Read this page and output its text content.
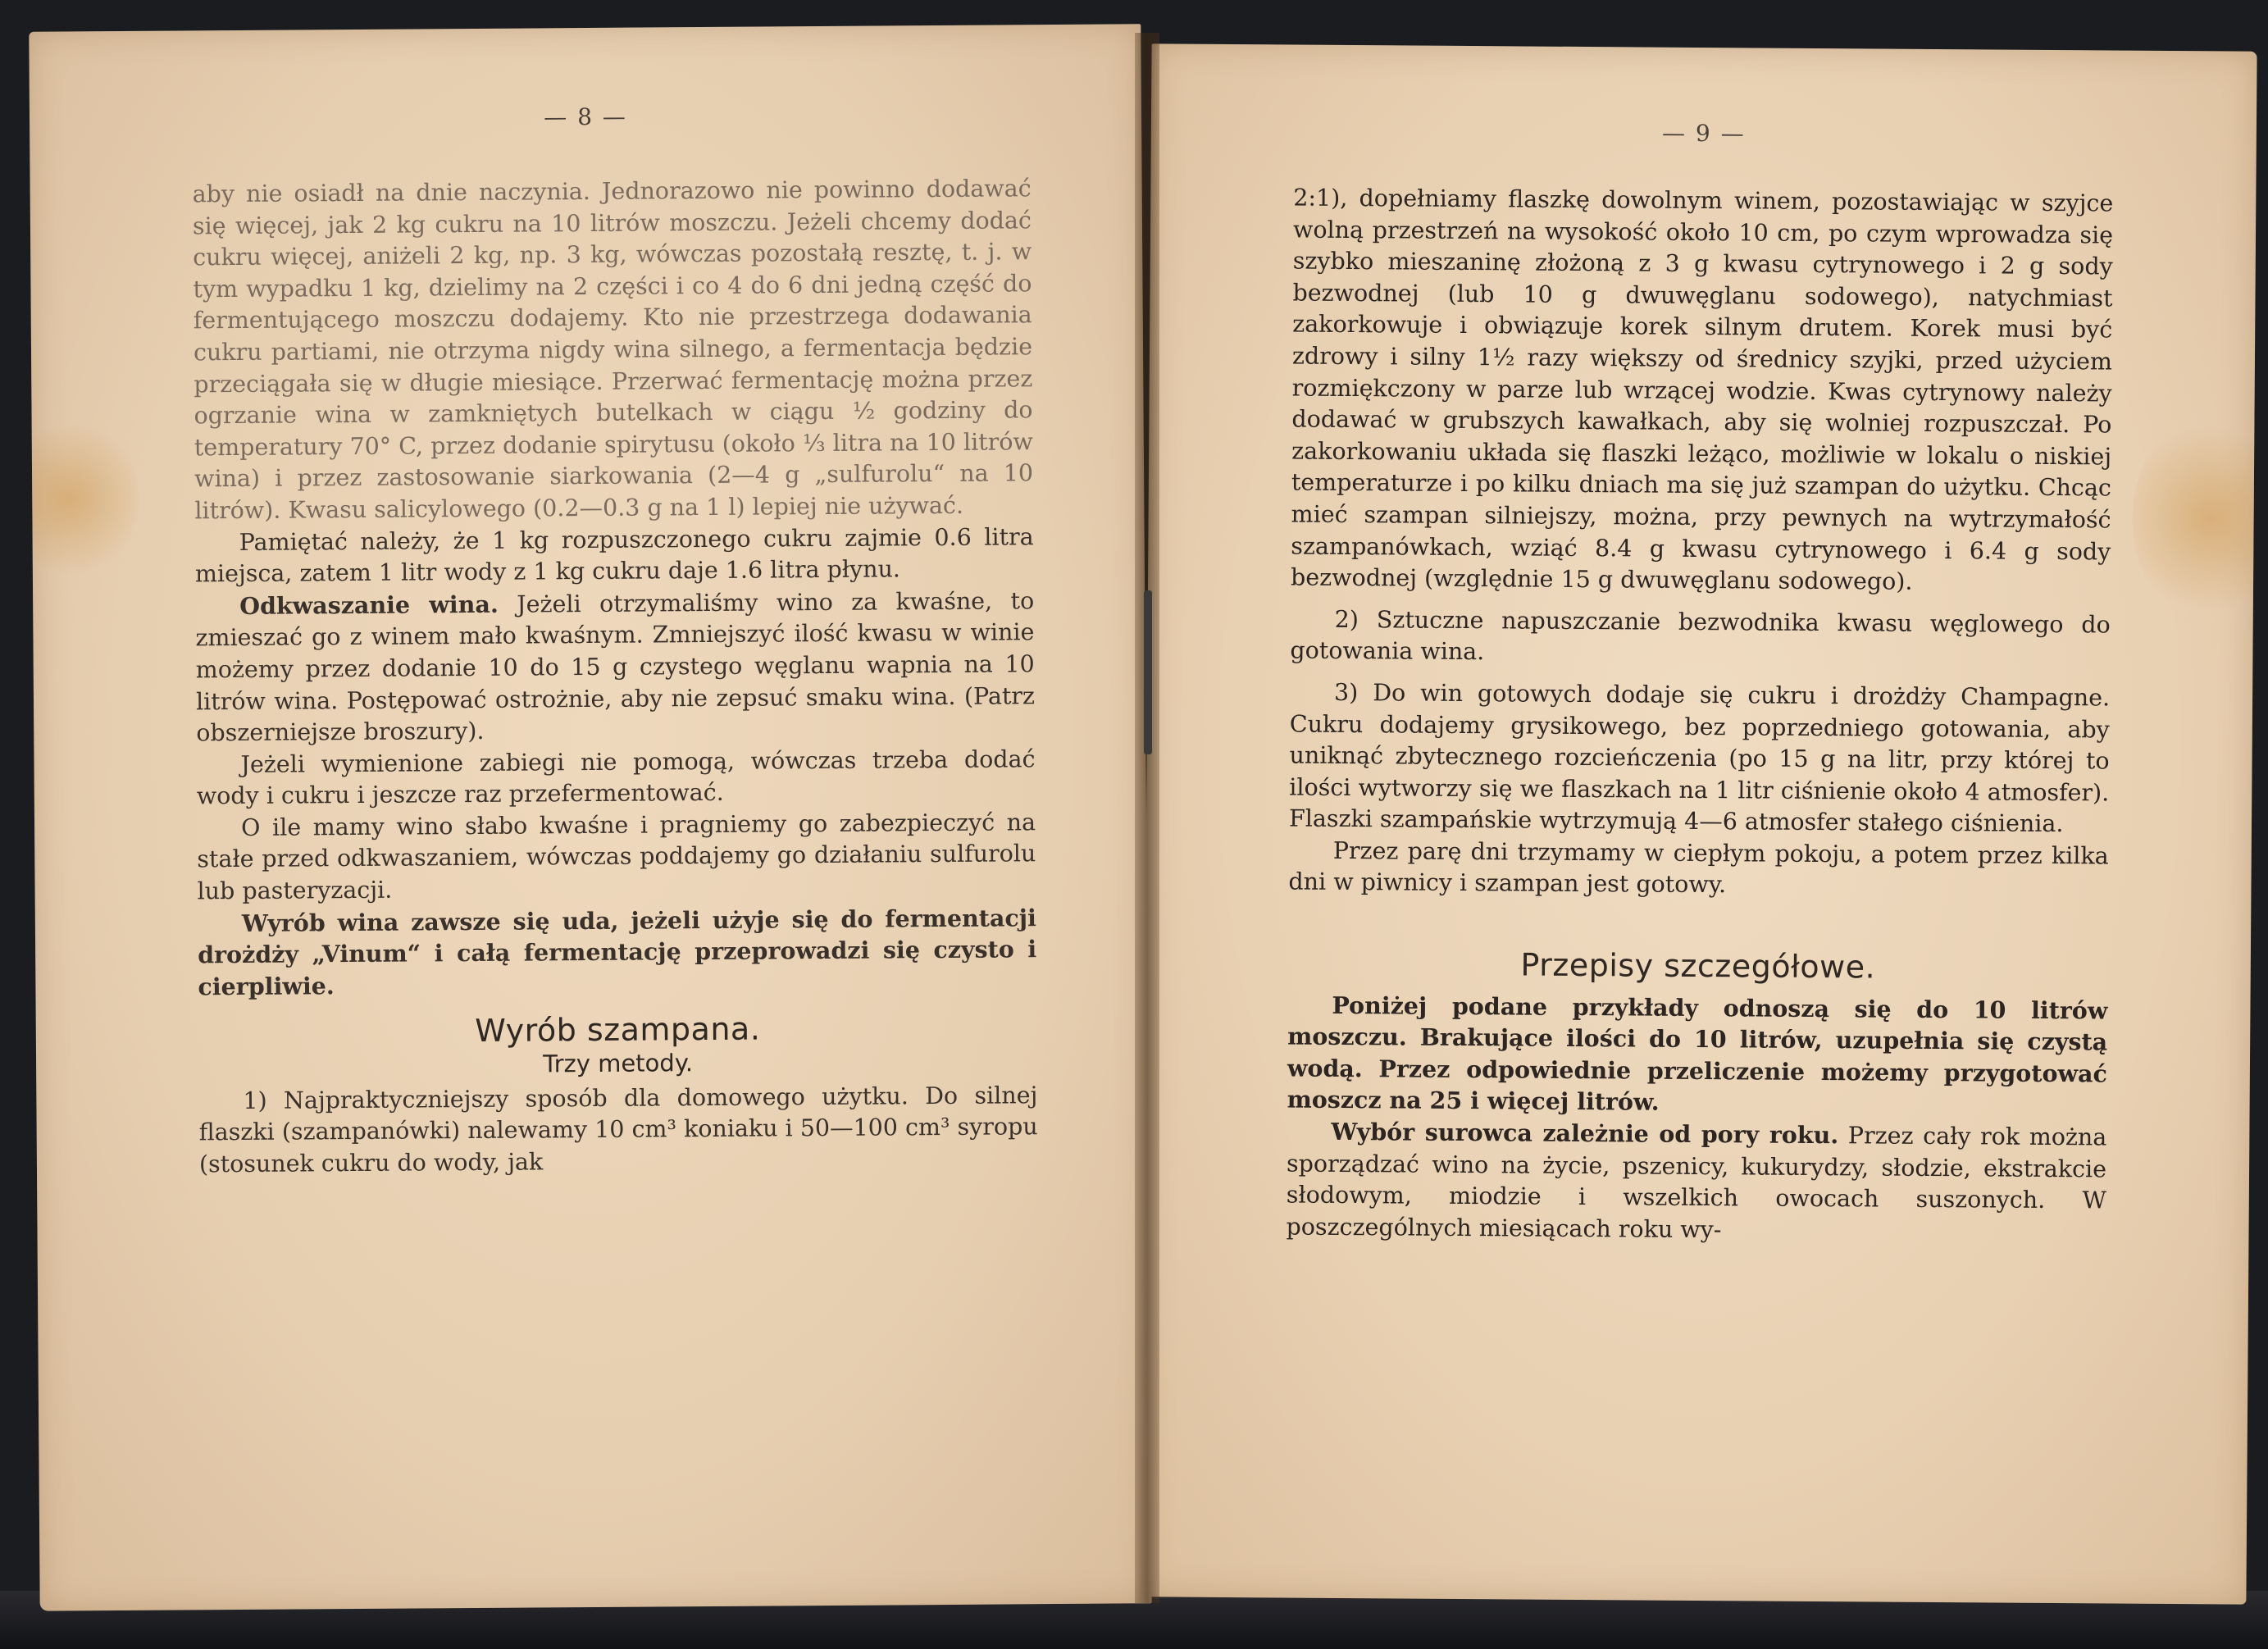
— 8 —

aby nie osiadł na dnie naczynia. Jednorazowo nie powinno dodawać się więcej, jak 2 kg cukru na 10 litrów moszczu. Jeżeli chcemy dodać cukru więcej, aniżeli 2 kg, np. 3 kg, wówczas pozostałą resztę, t. j. w tym wypadku 1 kg, dzielimy na 2 części i co 4 do 6 dni jedną część do fermentującego moszczu dodajemy. Kto nie przestrzega dodawania cukru partiami, nie otrzyma nigdy wina silnego, a fermentacja będzie przeciągała się w długie miesiące. Przerwać fermentację można przez ogrzanie wina w zamkniętych butelkach w ciągu ½ godziny do temperatury 70° C, przez dodanie spirytusu (około ⅓ litra na 10 litrów wina) i przez zastosowanie siarkowania (2—4 g „sulfurolu“ na 10 litrów). Kwasu salicylowego (0.2—0.3 g na 1 l) lepiej nie używać.

Pamiętać należy, że 1 kg rozpuszczonego cukru zajmie 0.6 litra miejsca, zatem 1 litr wody z 1 kg cukru daje 1.6 litra płynu.

Odkwaszanie wina. Jeżeli otrzymaliśmy wino za kwaśne, to zmieszać go z winem mało kwaśnym. Zmniejszyć ilość kwasu w winie możemy przez dodanie 10 do 15 g czystego węglanu wapnia na 10 litrów wina. Postępować ostrożnie, aby nie zepsuć smaku wina. (Patrz obszerniejsze broszury).

Jeżeli wymienione zabiegi nie pomogą, wówczas trzeba dodać wody i cukru i jeszcze raz przefermentować.

O ile mamy wino słabo kwaśne i pragniemy go zabezpieczyć na stałe przed odkwaszaniem, wówczas poddajemy go działaniu sulfurolu lub pasteryzacji.

Wyrób wina zawsze się uda, jeżeli użyje się do fermentacji drożdży „Vinum“ i całą fermentację przeprowadzi się czysto i cierpliwie.

Wyrób szampana.
Trzy metody.

1) Najpraktyczniejszy sposób dla domowego użytku. Do silnej flaszki (szampanówki) nalewamy 10 cm³ koniaku i 50—100 cm³ syropu (stosunek cukru do wody, jak

— 9 —

2:1), dopełniamy flaszkę dowolnym winem, pozostawiając w szyjce wolną przestrzeń na wysokość około 10 cm, po czym wprowadza się szybko mieszaninę złożoną z 3 g kwasu cytrynowego i 2 g sody bezwodnej (lub 10 g dwuwęglanu sodowego), natychmiast zakorkowuje i obwiązuje korek silnym drutem. Korek musi być zdrowy i silny 1½ razy większy od średnicy szyjki, przed użyciem rozmiękczony w parze lub wrzącej wodzie. Kwas cytrynowy należy dodawać w grubszych kawałkach, aby się wolniej rozpuszczał. Po zakorkowaniu układa się flaszki leżąco, możliwie w lokalu o niskiej temperaturze i po kilku dniach ma się już szampan do użytku. Chcąc mieć szampan silniejszy, można, przy pewnych na wytrzymałość szampanówkach, wziąć 8.4 g kwasu cytrynowego i 6.4 g sody bezwodnej (względnie 15 g dwuwęglanu sodowego).

2) Sztuczne napuszczanie bezwodnika kwasu węglowego do gotowania wina.

3) Do win gotowych dodaje się cukru i drożdży Champagne. Cukru dodajemy grysikowego, bez poprzedniego gotowania, aby uniknąć zbytecznego rozcieńczenia (po 15 g na litr, przy której to ilości wytworzy się we flaszkach na 1 litr ciśnienie około 4 atmosfer). Flaszki szampańskie wytrzymują 4—6 atmosfer stałego ciśnienia.

Przez parę dni trzymamy w ciepłym pokoju, a potem przez kilka dni w piwnicy i szampan jest gotowy.

Przepisy szczegółowe.

Poniżej podane przykłady odnoszą się do 10 litrów moszczu. Brakujące ilości do 10 litrów, uzupełnia się czystą wodą. Przez odpowiednie przeliczenie możemy przygotować moszcz na 25 i więcej litrów.

Wybór surowca zależnie od pory roku. Przez cały rok można sporządzać wino na życie, pszenicy, kukurydzy, słodzie, ekstrakcie słodowym, miodzie i wszelkich owocach suszonych. W poszczególnych miesiącach roku wy-
